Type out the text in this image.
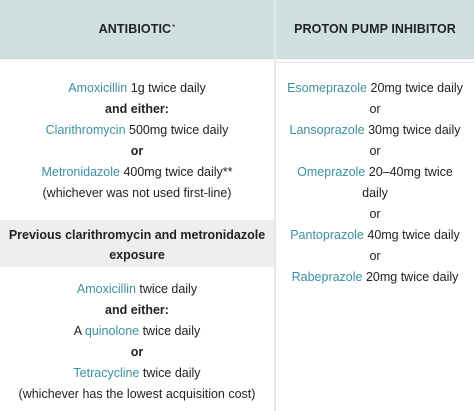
ANTIBIOTIC*
Amoxicillin 1g twice daily
and either:
Clarithromycin 500mg twice daily
or
Metronidazole 400mg twice daily**
(whichever was not used first-line)
Previous clarithromycin and metronidazole
exposure
Amoxicillin twice daily
and either:
A quinolone twice daily
or
Tetracycline twice daily
(whichever has the lowest acquisition cost)
PROTON PUMP INHIBITOR
Esomeprazole 20mg twice daily
or
Lansoprazole 30mg twice daily
or
Omeprazole 20–40mg twice
daily
or
Pantoprazole 40mg twice daily
or
Rabeprazole 20mg twice daily
